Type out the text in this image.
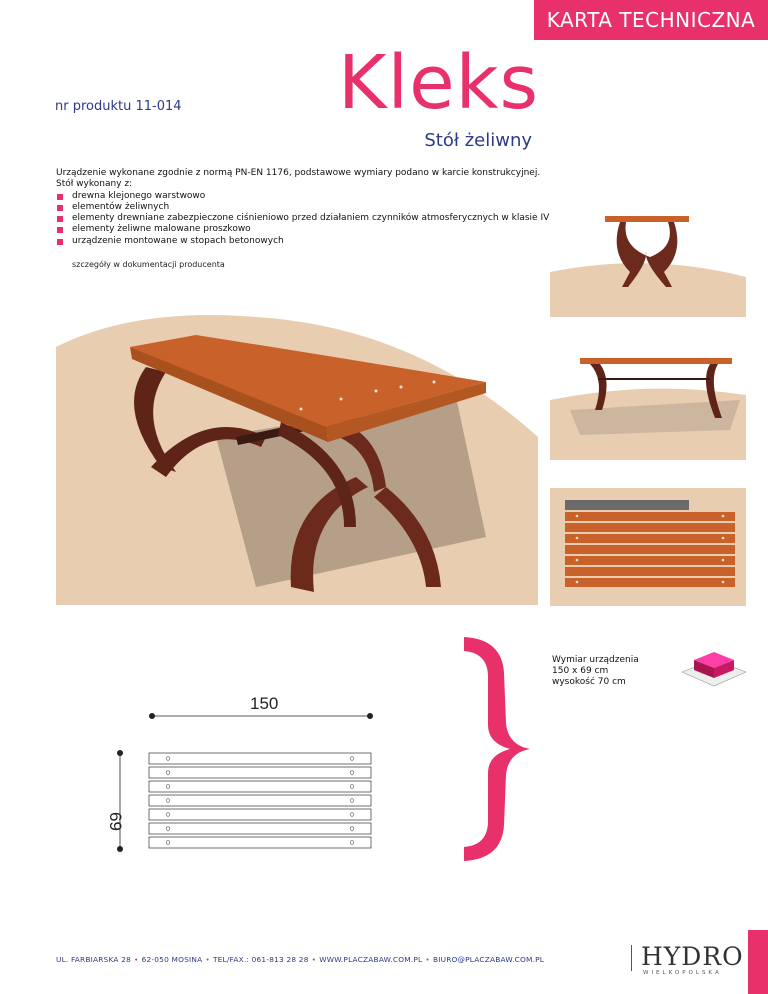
KARTA TECHNICZNA
nr produktu 11-014 Kleks
Stół żeliwny
Urządzenie wykonane zgodnie z normą PN-EN 1176, podstawowe wymiary podano w karcie konstrukcyjnej.
Stół wykonany z:
drewna klejonego warstwowo
elementów żeliwnych
elementy drewniane zabezpieczone ciśnieniowo przed działaniem czynników atmosferycznych w klasie IV
elementy żeliwne malowane proszkowo
urządzenie montowane w stopach betonowych
szczegóły w dokumentacji producenta
Wymiar urządzenia
150 x 69 cm
wysokość 70 cm
150
69
UL. FARBIARSKA 28 • 62-050 MOSINA • TEL/FAX.: 061-813 28 28 • WWW.PLACZABAW.COM.PL • BIURO@PLACZABAW.COM.PL	HYDRO
WIELKOPOLSKA
